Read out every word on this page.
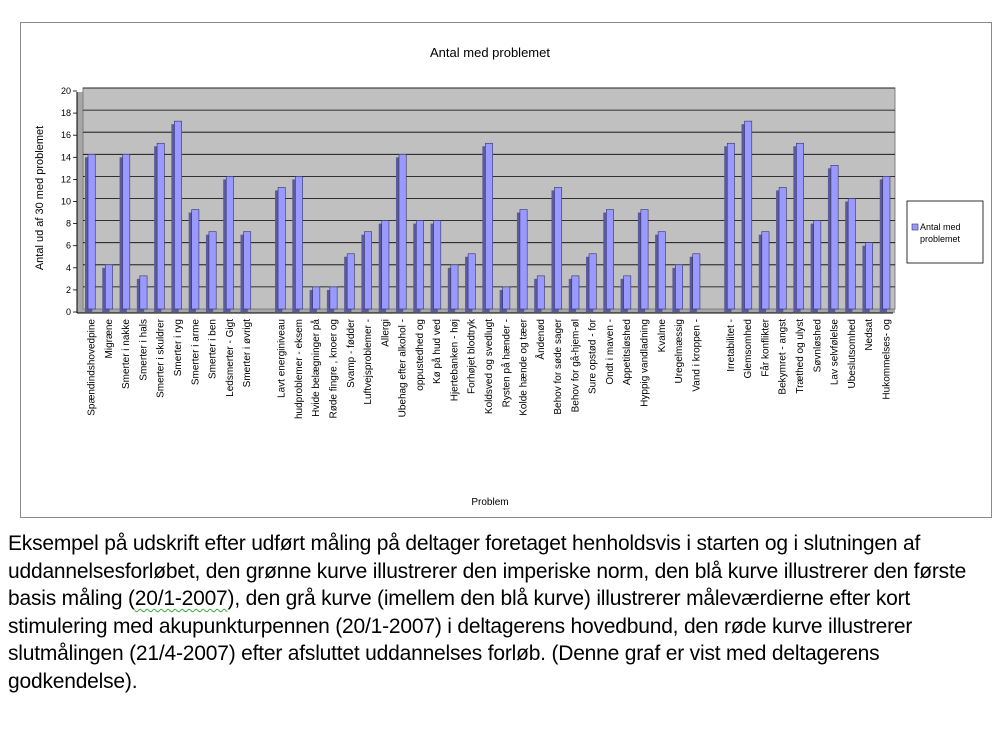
0
2
4
6
8
10
12
14
16
18
20
Spændindshovedpine Migræne Smerter i nakke Smerter i hals Smerter i skuldrer Smerter i ryg Smerter i arme Smerter i ben Ledsmerter - Gigt Smerter i øvrigt Lavt energiniveau hudproblemer - eksem Hvide belægninger på Røde fingre , knoer og Svamp - fødder Luftvejsproblemer - Allergi Ubehag efter alkohol - oppustedhed og Kø på hud ved Hjertebanken - høj Forhøjet blodtryk Koldsved og svedlugt Rysten på hænder - Kolde hænde og tæer Åndenød Behov for søde sager Behov for gå-hjem-øl Sure opstød - for Ondt i maven - Appetitsløshed Hyppig vandladning Kvalme Uregelmæssig Vand i kroppen - Irretabilitet - Glemsomhed Får konflikter Bekymret - angst Træthed og ulyst Søvnløshed Lav selvfølelse Ubeslutsomhed Nedsat Hukommelses- og
Antal med problemet
Problem
Antal ud af 30 med problemet	Antal med
problemet

Eksempel på udskrift efter udført måling på deltager foretaget henholdsvis i starten og i slutningen af uddannelsesforløbet, den grønne kurve illustrerer den imperiske norm, den blå kurve illustrerer den første basis måling (20/1-2007), den grå kurve (imellem den blå kurve) illustrerer måleværdierne efter kort stimulering med akupunkturpennen (20/1-2007) i deltagerens hovedbund, den røde kurve illustrerer slutmålingen (21/4-2007) efter afsluttet uddannelses forløb. (Denne graf er vist med deltagerens godkendelse).
